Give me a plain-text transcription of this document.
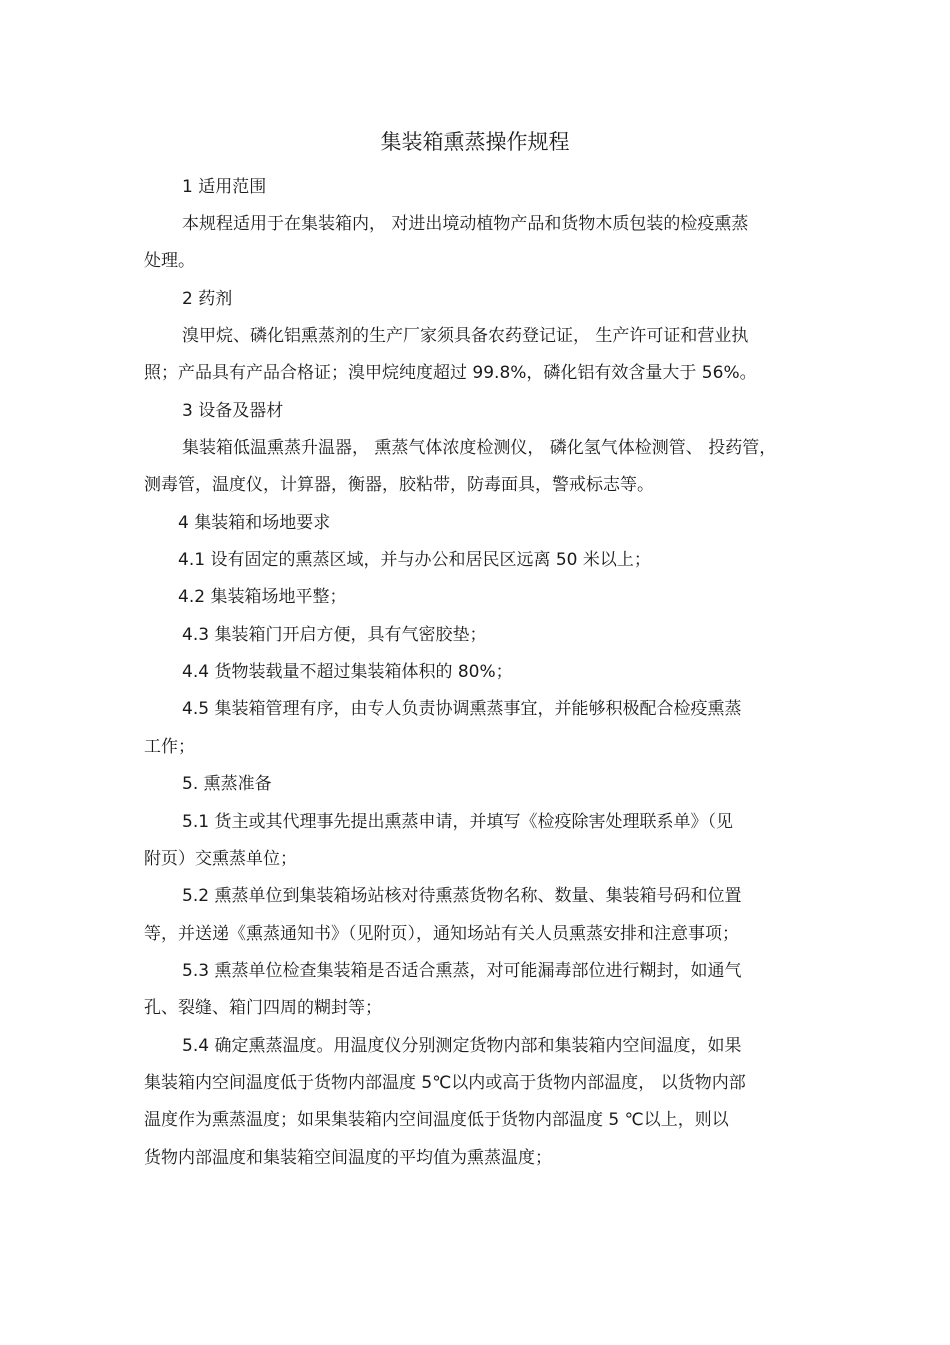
集装箱熏蒸操作规程
1 适用范围
本规程适用于在集装箱内， 对进出境动植物产品和货物木质包装的检疫熏蒸
处理。
2 药剂
溴甲烷、磷化铝熏蒸剂的生产厂家须具备农药登记证， 生产许可证和营业执
照；产品具有产品合格证；溴甲烷纯度超过 99.8%，磷化铝有效含量大于 56%。
3 设备及器材
集装箱低温熏蒸升温器， 熏蒸气体浓度检测仪， 磷化氢气体检测管、 投药管，
测毒管，温度仪，计算器，衡器，胶粘带，防毒面具，警戒标志等。
4 集装箱和场地要求
4.1 设有固定的熏蒸区域，并与办公和居民区远离 50 米以上；
4.2 集装箱场地平整；
4.3 集装箱门开启方便，具有气密胶垫；
4.4 货物装载量不超过集装箱体积的 80%；
4.5 集装箱管理有序，由专人负责协调熏蒸事宜，并能够积极配合检疫熏蒸
工作；
5. 熏蒸准备
5.1 货主或其代理事先提出熏蒸申请，并填写《检疫除害处理联系单》（见
附页）交熏蒸单位；
5.2 熏蒸单位到集装箱场站核对待熏蒸货物名称、数量、集装箱号码和位置
等，并送递《熏蒸通知书》（见附页），通知场站有关人员熏蒸安排和注意事项；
5.3 熏蒸单位检查集装箱是否适合熏蒸，对可能漏毒部位进行糊封，如通气
孔、裂缝、箱门四周的糊封等；
5.4 确定熏蒸温度。用温度仪分别测定货物内部和集装箱内空间温度，如果
集装箱内空间温度低于货物内部温度 5℃以内或高于货物内部温度， 以货物内部
温度作为熏蒸温度；如果集装箱内空间温度低于货物内部温度 5 ℃以上，则以
货物内部温度和集装箱空间温度的平均值为熏蒸温度；
